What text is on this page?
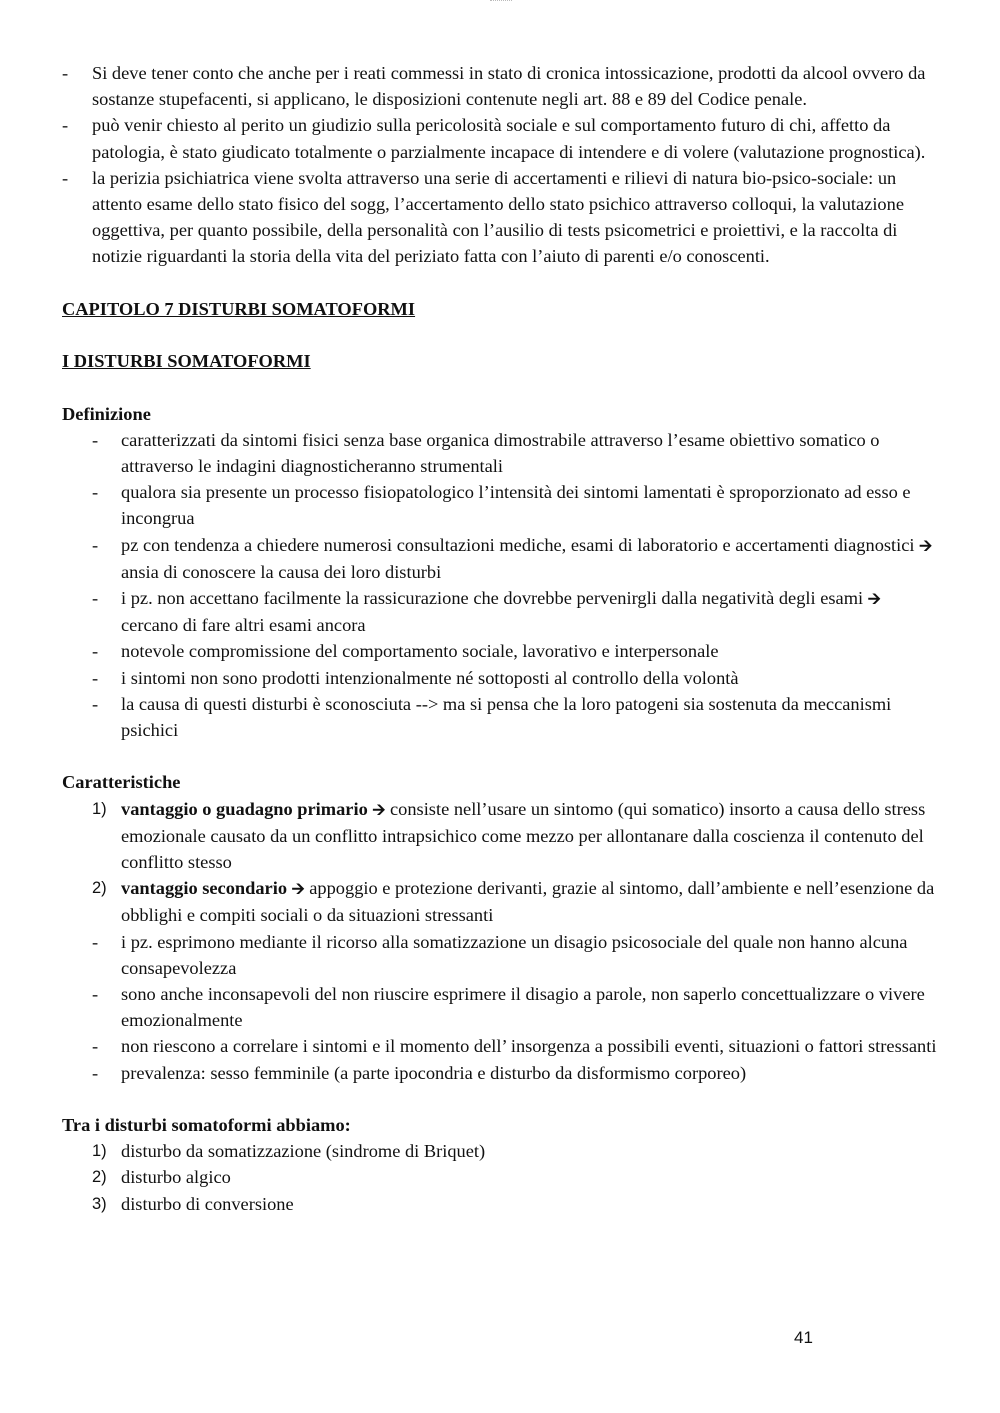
- Si deve tener conto che anche per i reati commessi in stato di cronica intossicazione, prodotti da alcool ovvero da sostanze stupefacenti, si applicano, le disposizioni contenute negli art. 88 e 89 del Codice penale.
- può venir chiesto al perito un giudizio sulla pericolosità sociale e sul comportamento futuro di chi, affetto da patologia, è stato giudicato totalmente o parzialmente incapace di intendere e di volere (valutazione prognostica).
- la perizia psichiatrica viene svolta attraverso una serie di accertamenti e rilievi di natura bio-psico-sociale: un attento esame dello stato fisico del sogg, l’accertamento dello stato psichico attraverso colloqui, la valutazione oggettiva, per quanto possibile, della personalità con l’ausilio di tests psicometrici e proiettivi, e la raccolta di notizie riguardanti la storia della vita del periziato fatta con l’aiuto di parenti e/o conoscenti.
CAPITOLO 7 DISTURBI SOMATOFORMI
I DISTURBI SOMATOFORMI
Definizione
- caratterizzati da sintomi fisici senza base organica dimostrabile attraverso l’esame obiettivo somatico o attraverso le indagini diagnosticheranno strumentali
- qualora sia presente un processo fisiopatologico l’intensità dei sintomi lamentati è sproporzionato ad esso e incongrua
- pz con tendenza a chiedere numerosi consultazioni mediche, esami di laboratorio e accertamenti diagnostici 🡪 ansia di conoscere la causa dei loro disturbi
- i pz. non accettano facilmente la rassicurazione che dovrebbe pervenirgli dalla negatività degli esami 🡪 cercano di fare altri esami ancora
- notevole compromissione del comportamento sociale, lavorativo e interpersonale
- i sintomi non sono prodotti intenzionalmente né sottoposti al controllo della volontà
- la causa di questi disturbi è sconosciuta --> ma si pensa che la loro patogeni sia sostenuta da meccanismi psichici
Caratteristiche
1) vantaggio o guadagno primario 🡪 consiste nell’usare un sintomo (qui somatico) insorto a causa dello stress emozionale causato da un conflitto intrapsichico come mezzo per allontanare dalla coscienza il contenuto del conflitto stesso
2) vantaggio secondario 🡪 appoggio e protezione derivanti, grazie al sintomo, dall’ambiente e nell’esenzione da obblighi e compiti sociali o da situazioni stressanti
- i pz. esprimono mediante il ricorso alla somatizzazione un disagio psicosociale del quale non hanno alcuna consapevolezza
- sono anche inconsapevoli del non riuscire esprimere il disagio a parole, non saperlo concettualizzare o vivere emozionalmente
- non riescono a correlare i sintomi e il momento dell’ insorgenza a possibili eventi, situazioni o fattori stressanti
- prevalenza: sesso femminile (a parte ipocondria e disturbo da disformismo corporeo)
Tra i disturbi somatoformi abbiamo:
1) disturbo da somatizzazione (sindrome di Briquet)
2) disturbo algico
3) disturbo di conversione
41
